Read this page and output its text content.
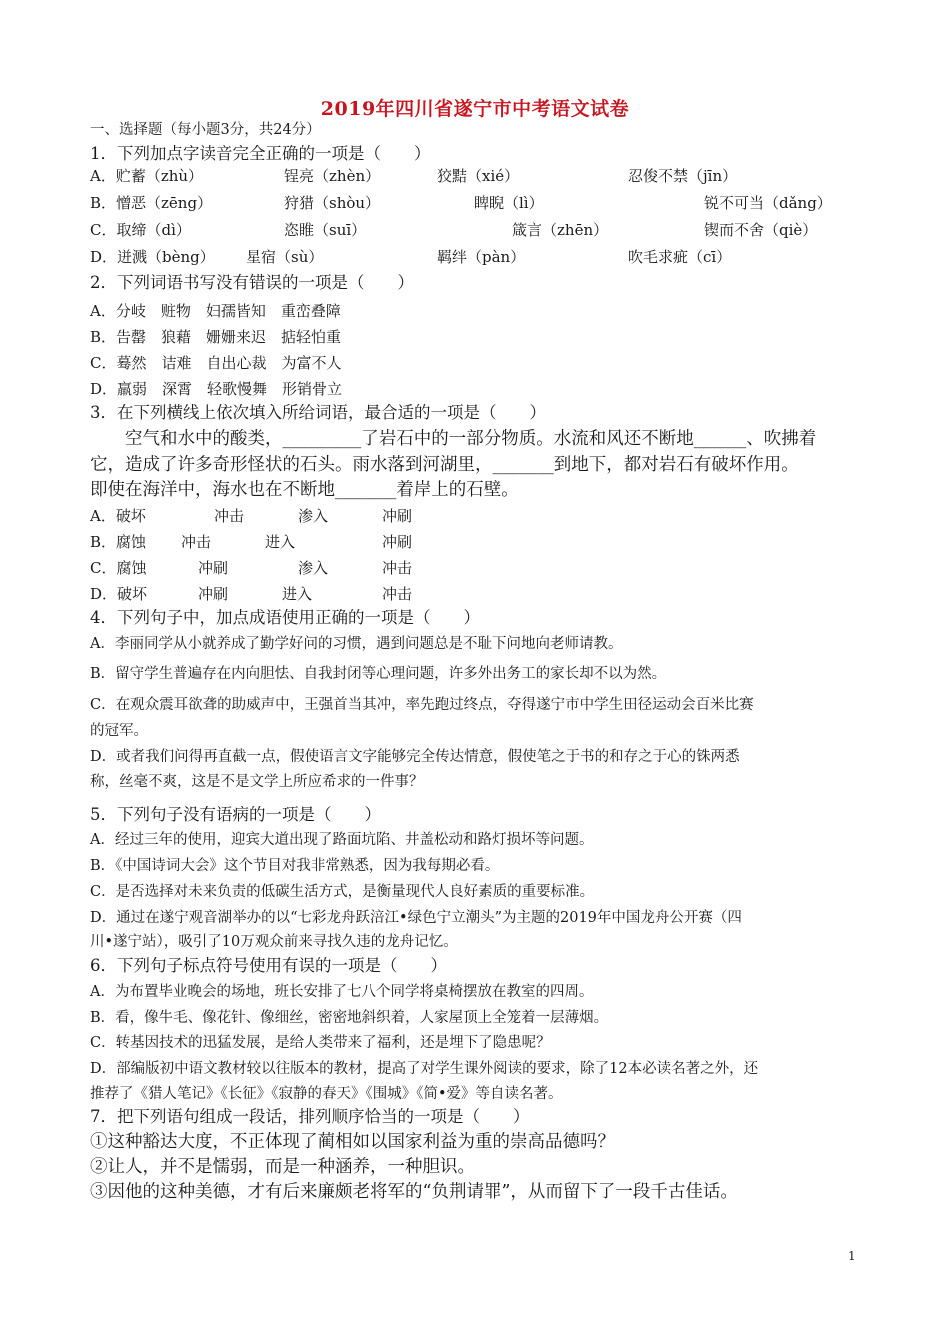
2019年四川省遂宁市中考语文试卷
一、选择题（每小题3分，共24分）
1．下列加点字读音完全正确的一项是（　　）
A．贮蓄（zhù）	锃亮（zhèn）	狡黠（xié）	忍俊不禁（jīn）
B．憎恶（zēng）	狩猎（shòu）	睥睨（lì）	锐不可当（dǎng）
C．取缔（dì）	恣睢（suī）	箴言（zhēn）	锲而不舍（qiè）
D．迸溅（bèng） 星宿（sù）	羁绊（pàn）	吹毛求疵（cī）
2．下列词语书写没有错误的一项是（　　）
A．分岐　赃物　妇孺皆知　重峦叠障
B．告罄　狼藉　姗姗来迟　掂轻怕重
C．蓦然　诘难　自出心裁　为富不人
D．羸弱　深霄　轻歌慢舞　形销骨立
3．在下列横线上依次填入所给词语，最合适的一项是（　　）
　　空气和水中的酸类，_________了岩石中的一部分物质。水流和风还不断地______、吹拂着
它，造成了许多奇形怪状的石头。雨水落到河湖里，_______到地下，都对岩石有破坏作用。
即使在海洋中，海水也在不断地_______着岸上的石壁。
A．破坏	冲击	渗入	冲刷
B．腐蚀 冲击	进入	冲刷
C．腐蚀	冲刷	渗入	冲击
D．破坏	冲刷	进入	冲击
4．下列句子中，加点成语使用正确的一项是（　　）
A．李丽同学从小就养成了勤学好问的习惯，遇到问题总是不耻下问地向老师请教。
B．留守学生普遍存在内向胆怯、自我封闭等心理问题，许多外出务工的家长却不以为然。
C．在观众震耳欲聋的助威声中，王强首当其冲，率先跑过终点，夺得遂宁市中学生田径运动会百米比赛
的冠军。
D．或者我们问得再直截一点，假使语言文字能够完全传达情意，假使笔之于书的和存之于心的铢两悉
称，丝毫不爽，这是不是文学上所应希求的一件事？
5．下列句子没有语病的一项是（　　）
A．经过三年的使用，迎宾大道出现了路面坑陷、井盖松动和路灯损坏等问题。
B．《中国诗词大会》这个节目对我非常熟悉，因为我每期必看。
C．是否选择对未来负责的低碳生活方式，是衡量现代人良好素质的重要标准。
D．通过在遂宁观音湖举办的以“七彩龙舟跃涪江•绿色宁立潮头”为主题的2019年中国龙舟公开赛（四
川•遂宁站），吸引了10万观众前来寻找久违的龙舟记忆。
6．下列句子标点符号使用有误的一项是（　　）
A．为布置毕业晚会的场地，班长安排了七八个同学将桌椅摆放在教室的四周。
B．看，像牛毛、像花针、像细丝，密密地斜织着，人家屋顶上全笼着一层薄烟。
C．转基因技术的迅猛发展，是给人类带来了福利，还是埋下了隐患呢？
D．部编版初中语文教材较以往版本的教材，提高了对学生课外阅读的要求，除了12本必读名著之外，还
推荐了《猎人笔记》《长征》《寂静的春天》《围城》《简•爱》等自读名著。
7．把下列语句组成一段话，排列顺序恰当的一项是（　　）
①这种豁达大度，不正体现了蔺相如以国家利益为重的崇高品德吗？
②让人，并不是懦弱，而是一种涵养，一种胆识。
③因他的这种美德，才有后来廉颇老将军的“负荆请罪”，从而留下了一段千古佳话。
1
